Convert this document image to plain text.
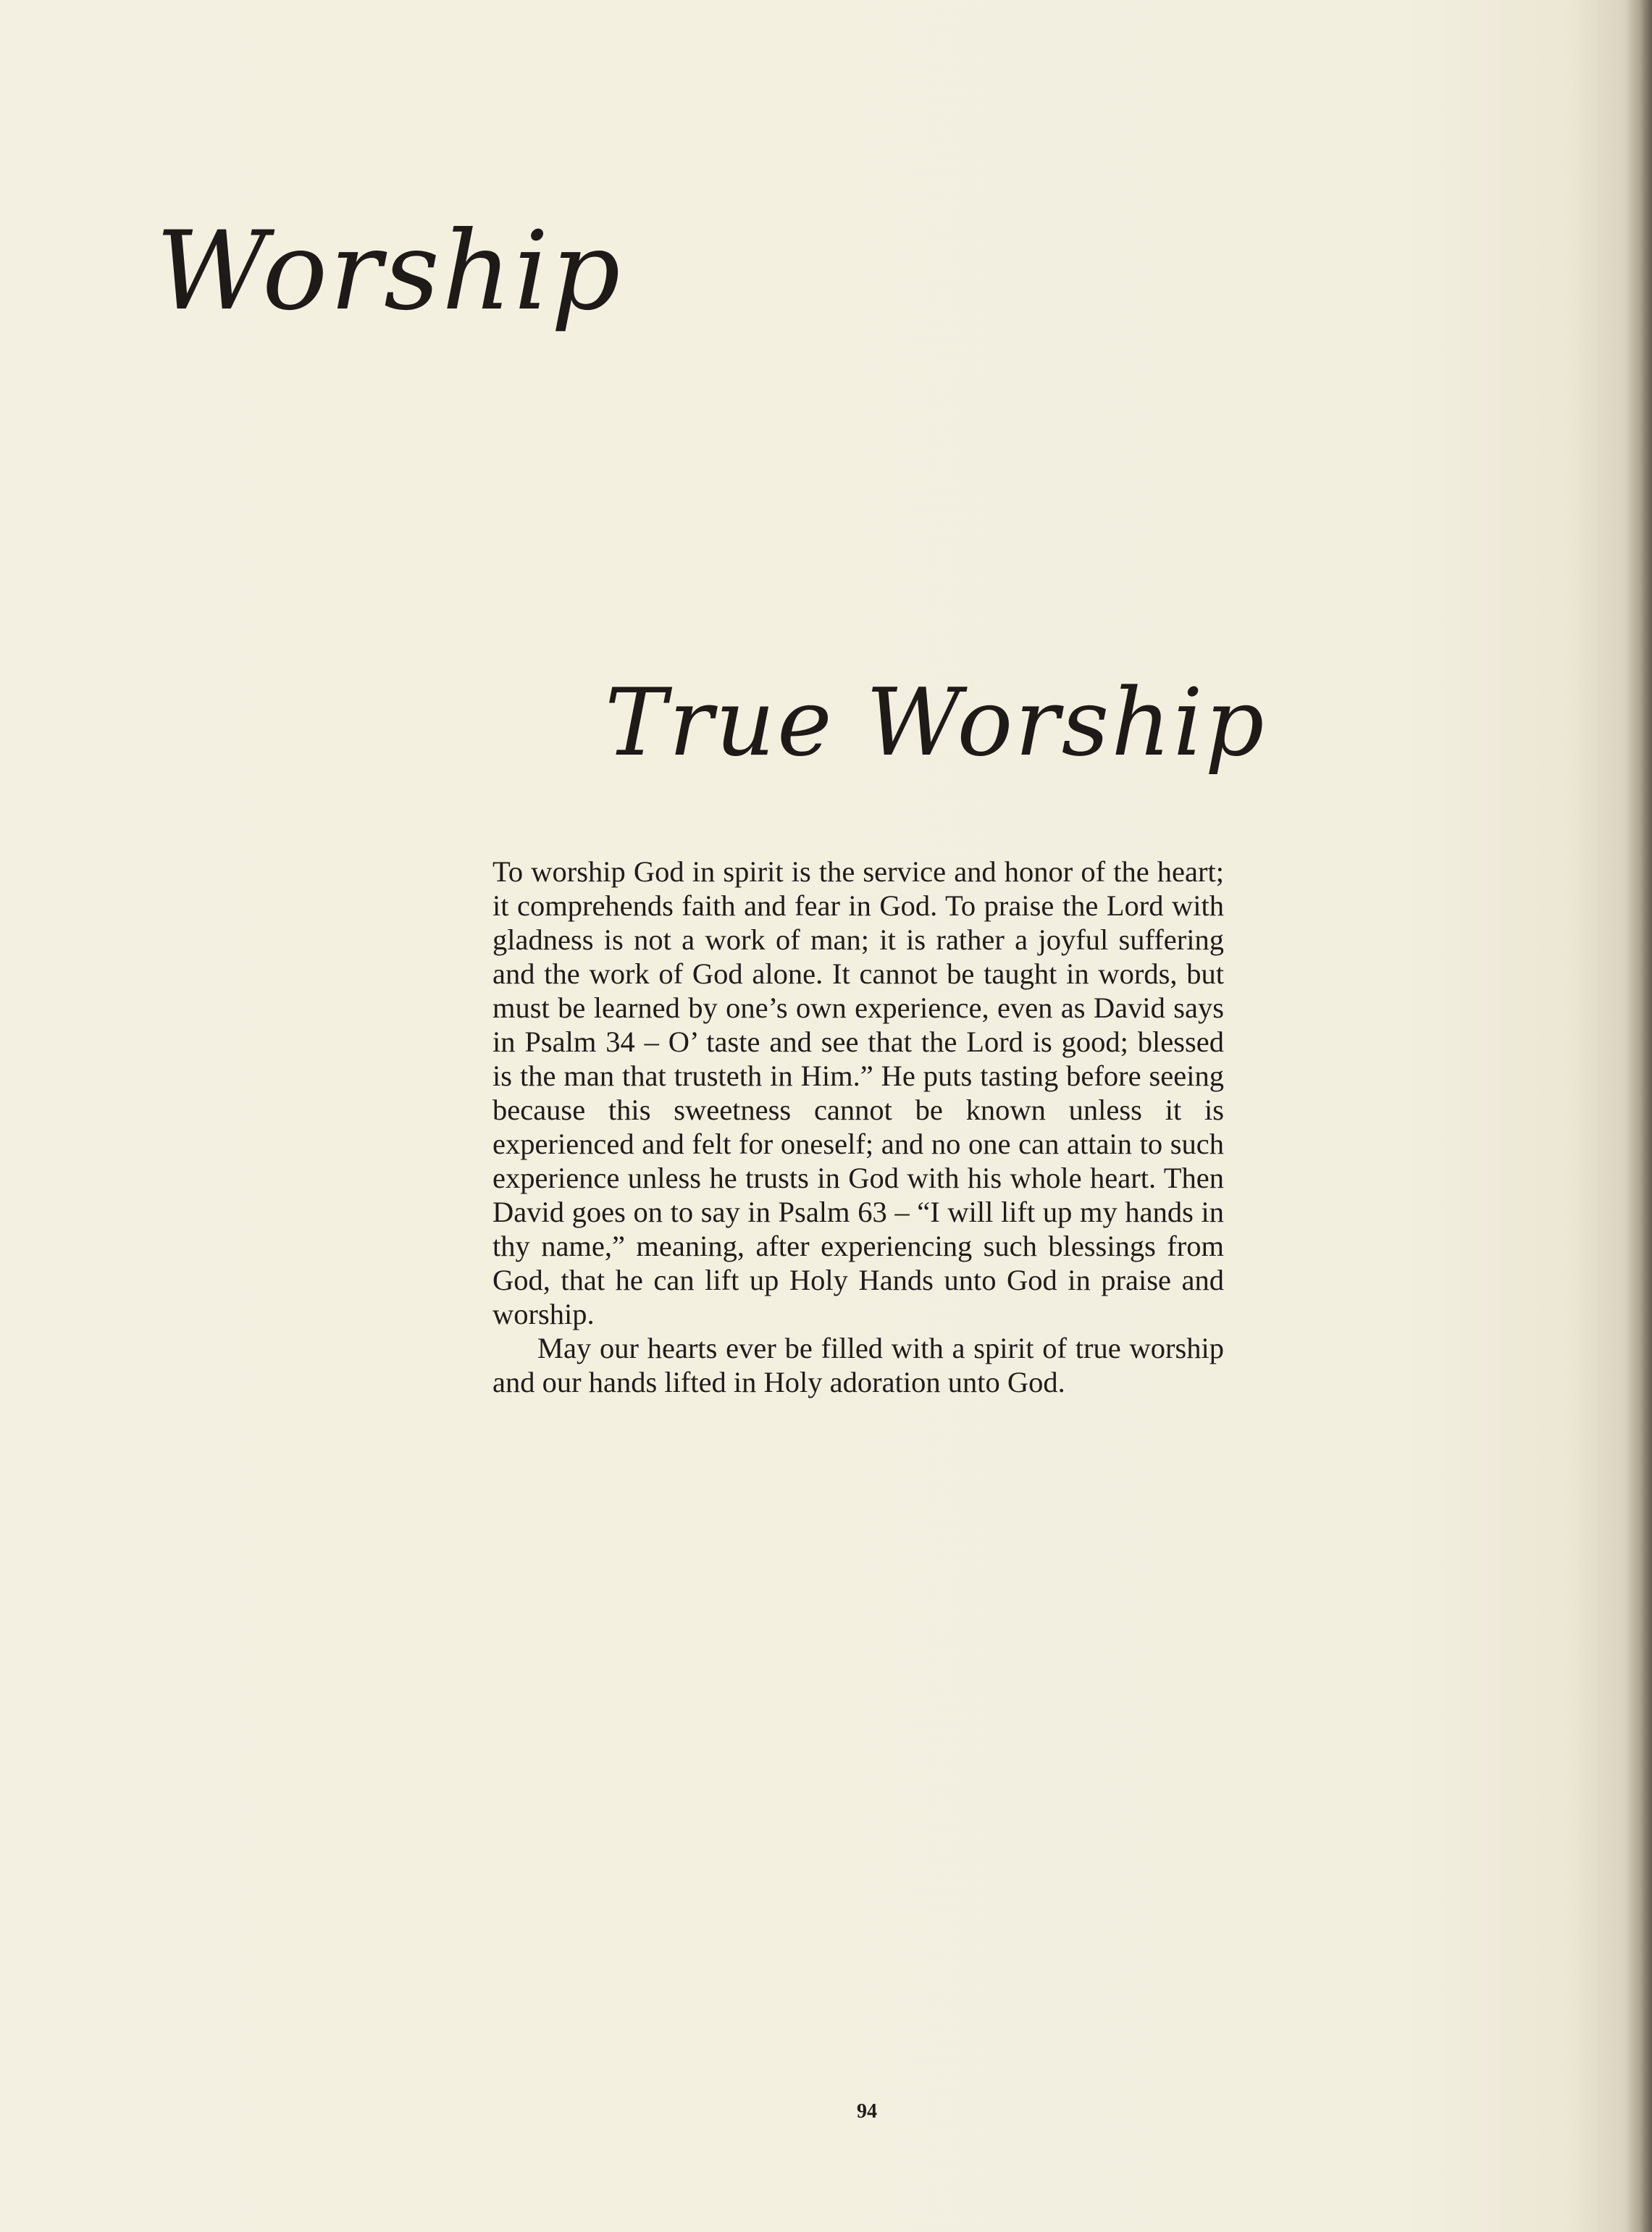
Worship
True Worship

To worship God in spirit is the service and honor of the heart; it comprehends faith and fear in God. To praise the Lord with gladness is not a work of man; it is rather a joyful suffering and the work of God alone. It cannot be taught in words, but must be learned by one’s own experience, even as David says in Psalm 34 – O’ taste and see that the Lord is good; blessed is the man that trusteth in Him.” He puts tasting before seeing because this sweetness cannot be known unless it is experienced and felt for oneself; and no one can attain to such experience unless he trusts in God with his whole heart. Then David goes on to say in Psalm 63 – “I will lift up my hands in thy name,” meaning, after experiencing such blessings from God, that he can lift up Holy Hands unto God in praise and worship.

May our hearts ever be filled with a spirit of true worship and our hands lifted in Holy adoration unto God.

94
